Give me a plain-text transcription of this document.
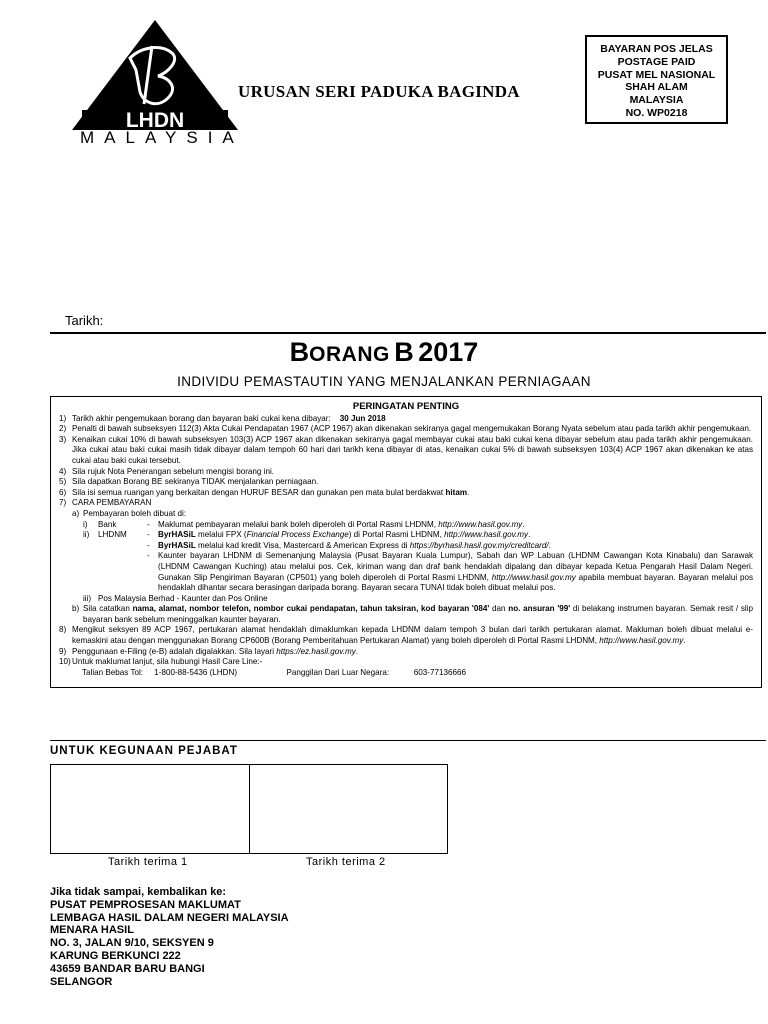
LHDN
MALAYSIA
URUSAN SERI PADUKA BAGINDA
BAYARAN POS JELAS
POSTAGE PAID
PUSAT MEL NASIONAL
SHAH ALAM
MALAYSIA
NO. WP0218
Tarikh:
BORANG B 2017
INDIVIDU PEMASTAUTIN YANG MENJALANKAN PERNIAGAAN
PERINGATAN PENTING
1) Tarikh akhir pengemukaan borang dan bayaran baki cukai kena dibayar: 30 Jun 2018
2) Penalti di bawah subseksyen 112(3) Akta Cukai Pendapatan 1967 (ACP 1967) akan dikenakan sekiranya gagal mengemukakan Borang Nyata sebelum atau pada tarikh akhir pengemukaan.
3) Kenaikan cukai 10% di bawah subseksyen 103(3) ACP 1967 akan dikenakan sekiranya gagal membayar cukai atau baki cukai kena dibayar sebelum atau pada tarikh akhir pengemukaan. Jika cukai atau baki cukai masih tidak dibayar dalam tempoh 60 hari dari tarikh kena dibayar di atas, kenaikan cukai 5% di bawah subseksyen 103(4) ACP 1967 akan dikenakan ke atas cukai atau baki cukai tersebut.
4) Sila rujuk Nota Penerangan sebelum mengisi borang ini.
5) Sila dapatkan Borang BE sekiranya TIDAK menjalankan perniagaan.
6) Sila isi semua ruangan yang berkaitan dengan HURUF BESAR dan gunakan pen mata bulat berdakwat hitam.
7) CARA PEMBAYARAN
a) Pembayaran boleh dibuat di:
i) Bank	- Maklumat pembayaran melalui bank boleh diperoleh di Portal Rasmi LHDNM, http://www.hasil.gov.my.
ii) LHDNM - ByrHASiL melalui FPX (Financial Process Exchange) di Portal Rasmi LHDNM, http://www.hasil.gov.my.
- ByrHASiL melalui kad kredit Visa, Mastercard & American Express di https://byrhasil.hasil.gov.my/creditcard/.
- Kaunter bayaran LHDNM di Semenanjung Malaysia (Pusat Bayaran Kuala Lumpur), Sabah dan WP Labuan (LHDNM Cawangan Kota Kinabalu) dan Sarawak (LHDNM Cawangan Kuching) atau melalui pos. Cek, kiriman wang dan draf bank hendaklah dipalang dan dibayar kepada Ketua Pengarah Hasil Dalam Negeri. Gunakan Slip Pengiriman Bayaran (CP501) yang boleh diperoleh di Portal Rasmi LHDNM, http://www.hasil.gov.my apabila membuat bayaran. Bayaran melalui pos hendaklah dihantar secara berasingan daripada borang. Bayaran secara TUNAI tidak boleh dibuat melalui pos.
iii) Pos Malaysia Berhad - Kaunter dan Pos Online

b) Sila catatkan nama, alamat, nombor telefon, nombor cukai pendapatan, tahun taksiran, kod bayaran '084' dan no. ansuran '99' di belakang instrumen bayaran. Semak resit / slip bayaran bank sebelum meninggalkan kaunter bayaran.
8) Mengikut seksyen 89 ACP 1967, pertukaran alamat hendaklah dimaklumkan kepada LHDNM dalam tempoh 3 bulan dari tarikh pertukaran alamat. Makluman boleh dibuat melalui e-kemaskini atau dengan menggunakan Borang CP600B (Borang Pemberitahuan Pertukaran Alamat) yang boleh diperoleh di Portal Rasmi LHDNM, http://www.hasil.gov.my.
9) Penggunaan e-Filing (e-B) adalah digalakkan. Sila layari https://ez.hasil.gov.my.
10) Untuk maklumat lanjut, sila hubungi Hasil Care Line:-
Talian Bebas Tol: 1-800-88-5436 (LHDN)	Panggilan Dari Luar Negara:	603-77136666
UNTUK KEGUNAAN PEJABAT
Tarikh terima 1	Tarikh terima 2
Jika tidak sampai, kembalikan ke:
PUSAT PEMPROSESAN MAKLUMAT
LEMBAGA HASIL DALAM NEGERI MALAYSIA
MENARA HASIL
NO. 3, JALAN 9/10, SEKSYEN 9
KARUNG BERKUNCI 222
43659 BANDAR BARU BANGI
SELANGOR
